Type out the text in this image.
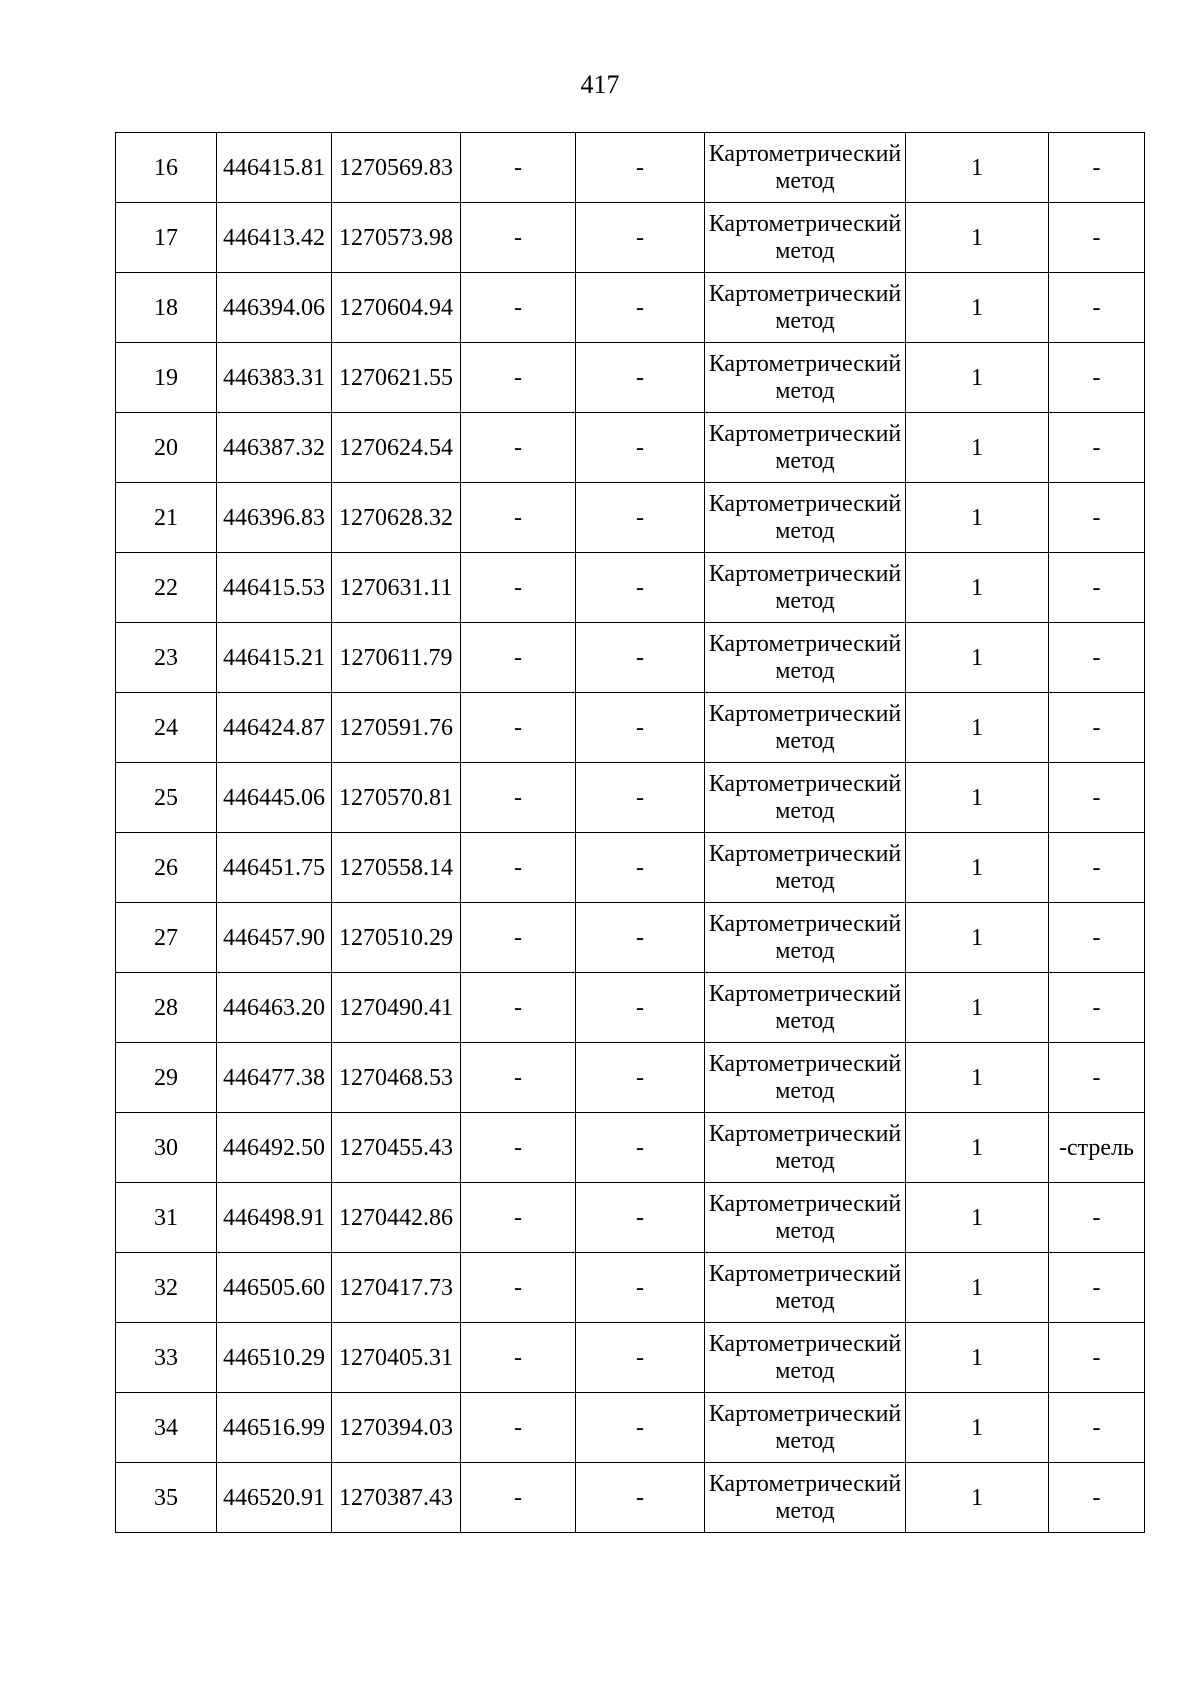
417
16	446415.81	1270569.83	-	-	Картометрический
метод	1	-
17	446413.42	1270573.98	-	-	Картометрический
метод	1	-
18	446394.06	1270604.94	-	-	Картометрический
метод	1	-
19	446383.31	1270621.55	-	-	Картометрический
метод	1	-
20	446387.32	1270624.54	-	-	Картометрический
метод	1	-
21	446396.83	1270628.32	-	-	Картометрический
метод	1	-
22	446415.53	1270631.11	-	-	Картометрический
метод	1	-
23	446415.21	1270611.79	-	-	Картометрический
метод	1	-
24	446424.87	1270591.76	-	-	Картометрический
метод	1	-
25	446445.06	1270570.81	-	-	Картометрический
метод	1	-
26	446451.75	1270558.14	-	-	Картометрический
метод	1	-
27	446457.90	1270510.29	-	-	Картометрический
метод	1	-
28	446463.20	1270490.41	-	-	Картометрический
метод	1	-
29	446477.38	1270468.53	-	-	Картометрический
метод	1	-
30	446492.50	1270455.43	-	-	Картометрический
метод	1	-стрель
31	446498.91	1270442.86	-	-	Картометрический
метод	1	-
32	446505.60	1270417.73	-	-	Картометрический
метод	1	-
33	446510.29	1270405.31	-	-	Картометрический
метод	1	-
34	446516.99	1270394.03	-	-	Картометрический
метод	1	-
35	446520.91	1270387.43	-	-	Картометрический
метод	1	-
